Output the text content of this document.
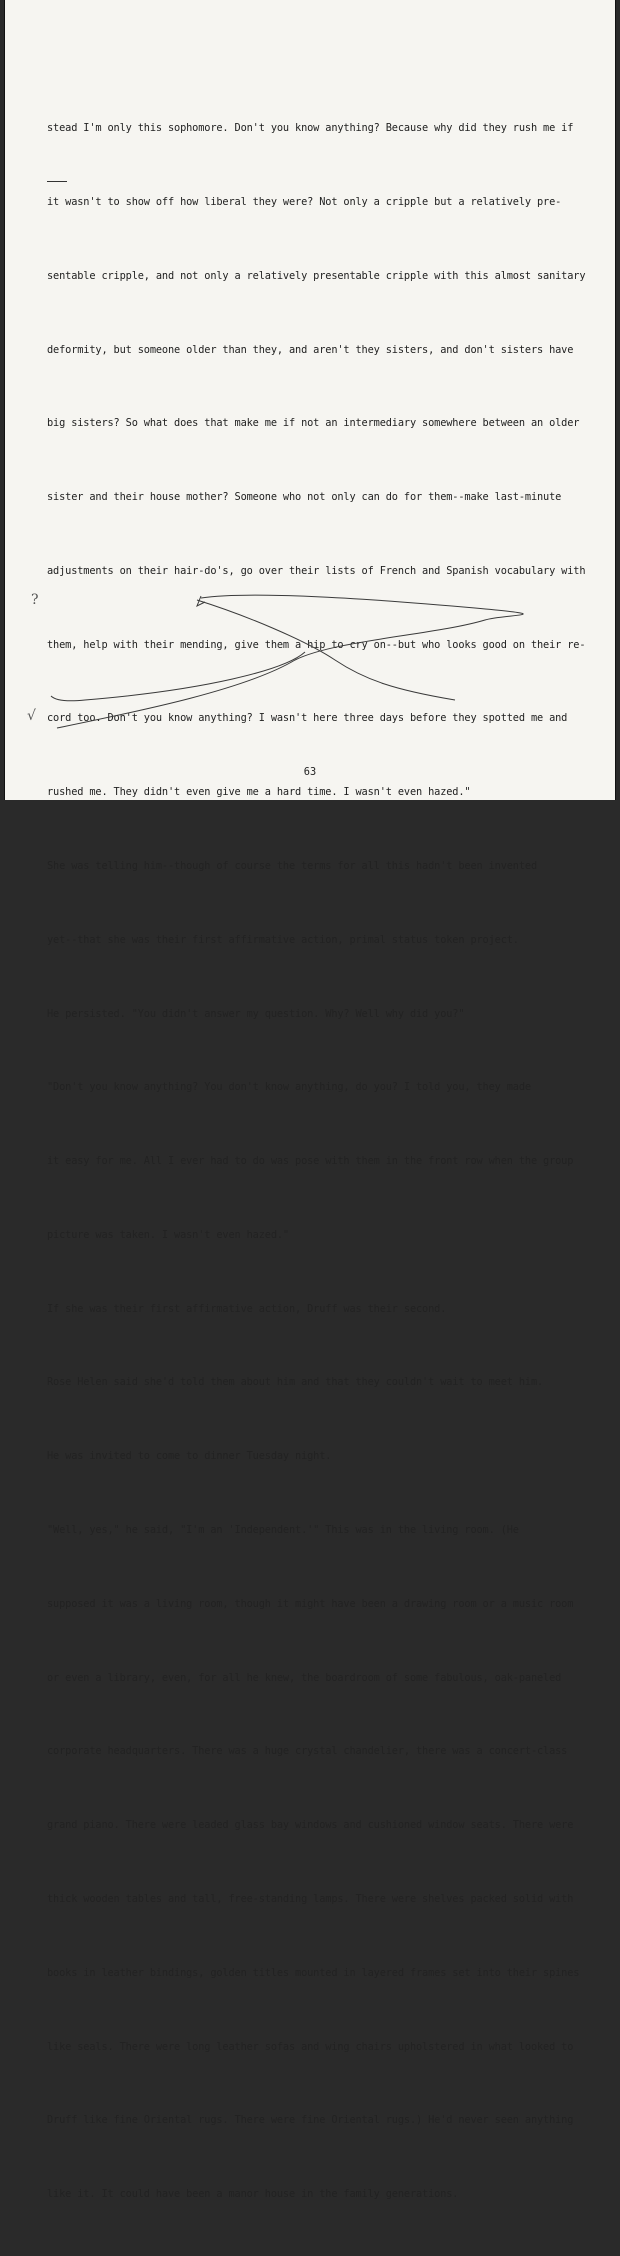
stead I'm only this sophomore. Don't you know anything? Because why did they rush me if

it wasn't to show off how liberal they were? Not only a cripple but a relatively pre-

sentable cripple, and not only a relatively presentable cripple with this almost sanitary

deformity, but someone older than they, and aren't they sisters, and don't sisters have

big sisters? So what does that make me if not an intermediary somewhere between an older

sister and their house mother? Someone who not only can do for them--make last-minute

adjustments on their hair-do's, go over their lists of French and Spanish vocabulary with

them, help with their mending, give them a hip to cry on--but who looks good on their re-

cord too. Don't you know anything? I wasn't here three days before they spotted me and

rushed me. They didn't even give me a hard time. I wasn't even hazed."

She was telling him--though of course the terms for all this hadn't been invented

yet--that she was their first affirmative action, primal status token project.

He persisted. "You didn't answer my question. Why? Well why did you?"

"Don't you know anything? You don't know anything, do you? I told you, they made

it easy for me. All I ever had to do was pose with them in the front row when the group

picture was taken. I wasn't even hazed."

If she was their first affirmative action, Druff was their second.

Rose Helen said she'd told them about him and that they couldn't wait to meet him.

He was invited to come to dinner Tuesday night.

"Well, yes," he said, "I'm an 'Independent.'" This was in the living room. (He

supposed it was a living room, though it might have been a drawing room or a music room

or even a library, even, for all he knew, the boardroom of some fabulous, oak-paneled

corporate headquarters. There was a huge crystal chandelier, there was a concert-class

grand piano. There were leaded glass bay windows and cushioned window seats. There were

thick wooden tables and tall, free-standing lamps. There were shelves packed solid with

books in leather bindings, golden titles mounted in layered frames set into their spines

like seals. There were long leather sofas and wing chairs upholstered in what looked to

Druff like fine Oriental rugs. There were fine Oriental rugs.) He'd never seen anything

like it. It could have been a manor house in the family generations.

?
√
63
